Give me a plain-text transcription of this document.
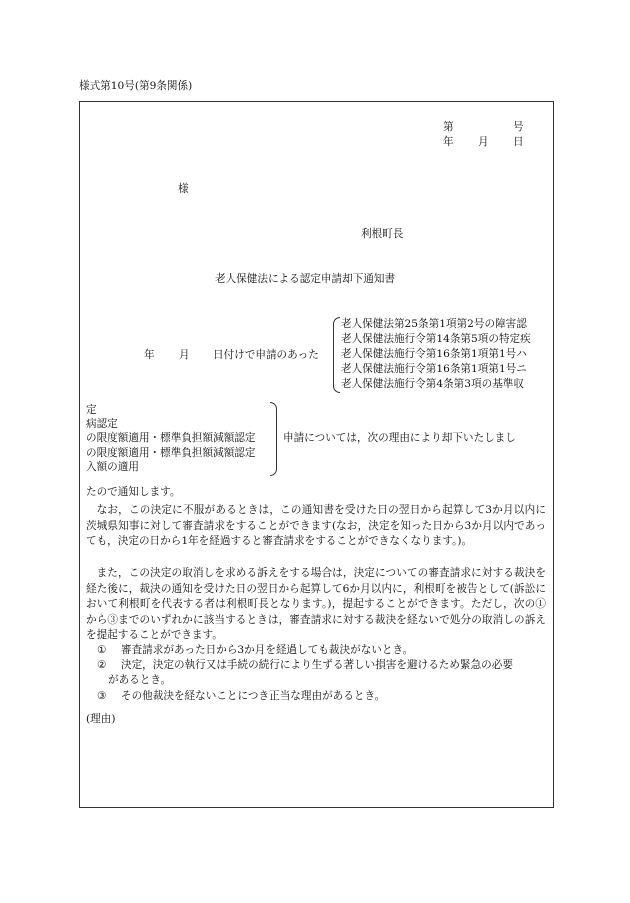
様式第10号(第9条関係)
第	号
年 月 日
様
利根町長
老人保健法による認定申請却下通知書
年 月 日付けで申請のあった
老人保健法第25条第1項第2号の障害認
老人保健法施行令第14条第5項の特定疾
老人保健法施行令第16条第1項第1号ハ
老人保健法施行令第16条第1項第1号ニ
老人保健法施行令第4条第3項の基準収
定
病認定
の限度額適用・標準負担額減額認定
の限度額適用・標準負担額減額認定
入額の適用
申請については，次の理由により却下いたしまし
たので通知します。
なお，この決定に不服があるときは，この通知書を受けた日の翌日から起算して3か月以内に茨城県知事に対して審査請求をすることができます(なお，決定を知った日から3か月以内であっても，決定の日から1年を経過すると審査請求をすることができなくなります。)。
また，この決定の取消しを求める訴えをする場合は，決定についての審査請求に対する裁決を経た後に，裁決の通知を受けた日の翌日から起算して6か月以内に，利根町を被告として(訴訟において利根町を代表する者は利根町長となります。)，提起することができます。ただし，次の①から③までのいずれかに該当するときは，審査請求に対する裁決を経ないで処分の取消しの訴えを提起することができます。
① 審査請求があった日から3か月を経過しても裁決がないとき。
② 決定，決定の執行又は手続の続行により生ずる著しい損害を避けるため緊急の必要
があるとき。
③ その他裁決を経ないことにつき正当な理由があるとき。
(理由)
